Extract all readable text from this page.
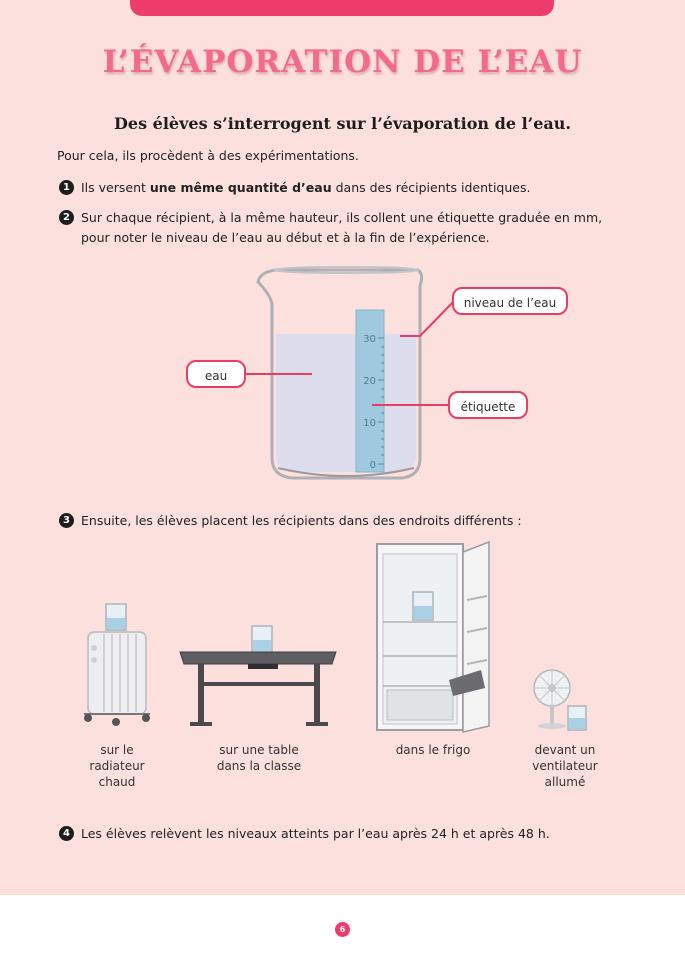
L’ÉVAPORATION DE L’EAU
Des élèves s’interrogent sur l’évaporation de l’eau.
Pour cela, ils procèdent à des expérimentations.
1 Ils versent une même quantité d’eau dans des récipients identiques.
2 Sur chaque récipient, à la même hauteur, ils collent une étiquette graduée en mm,
pour noter le niveau de l’eau au début et à la fin de l’expérience.
30
20
10
0
niveau de l’eau
eau
étiquette
3 Ensuite, les élèves placent les récipients dans des endroits différents :
sur le
radiateur
chaud
sur une table
dans la classe
dans le frigo	devant un
ventilateur
allumé
4 Les élèves relèvent les niveaux atteints par l’eau après 24 h et après 48 h.
6
